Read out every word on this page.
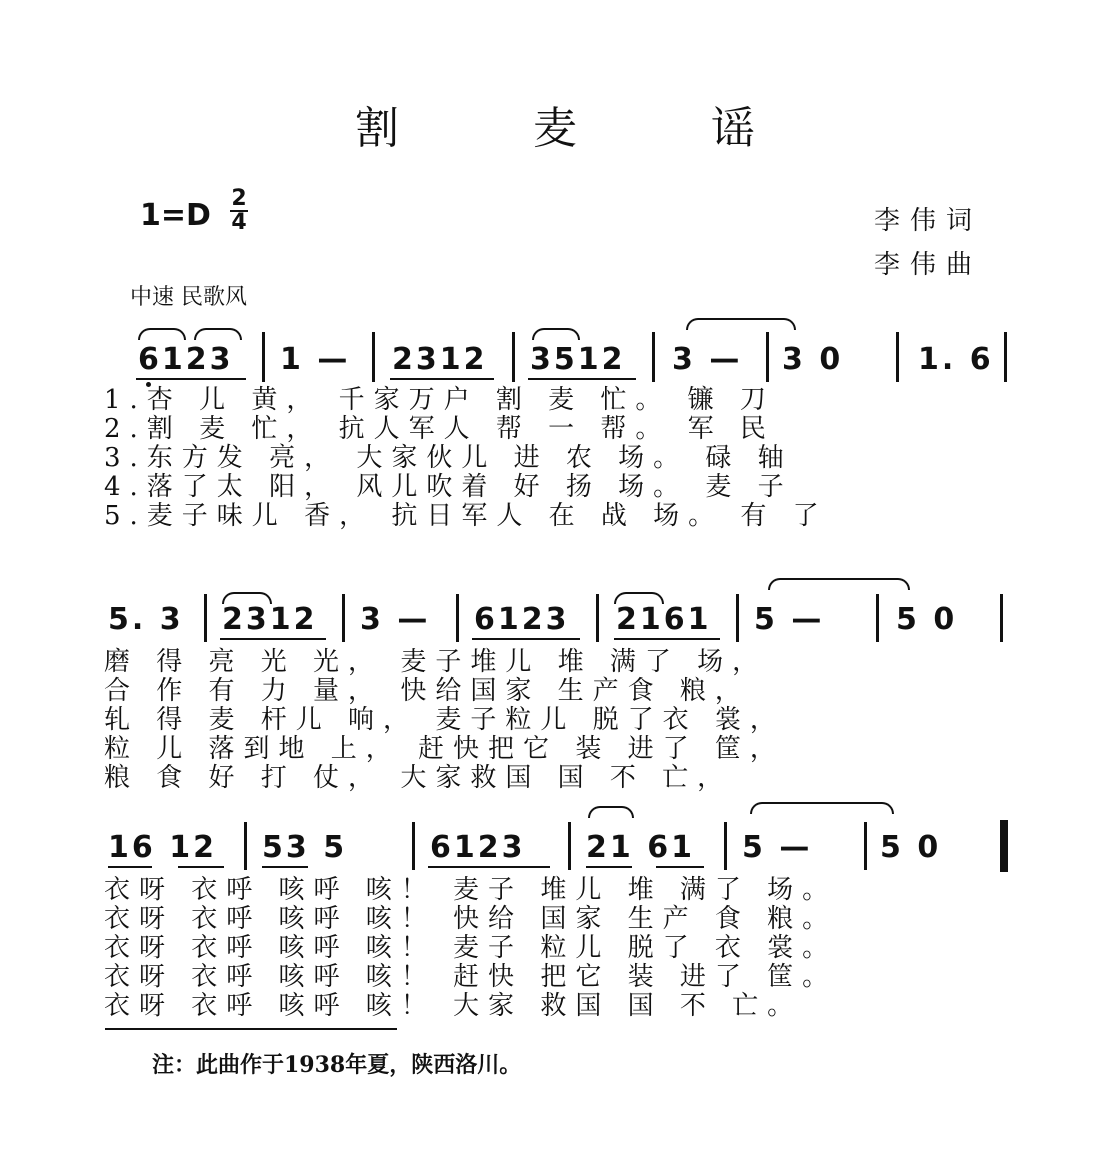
割 麦 谣
1=D 2
4	李伟词
李伟曲
中速 民歌风
6123 1 — 2312 3512 3 — 3 0 1. 6
1.杏 儿 黄， 千家万户 割 麦 忙。 镰 刀
2.割 麦 忙， 抗人军人 帮 一 帮。 军 民
3.东方发 亮， 大家伙儿 进 农 场。 碌 轴
4.落了太 阳， 风儿吹着 好 扬 场。 麦 子
5.麦子味儿 香， 抗日军人 在 战 场。 有 了
5. 3 2312 3 — 6123 2161 5 — 5 0
磨 得 亮 光 光， 麦子堆儿 堆 满了 场，
合 作 有 力 量， 快给国家 生产食 粮，
轧 得 麦 杆儿 响， 麦子粒儿 脱了衣 裳，
粒 儿 落到地 上， 赶快把它 装 进了 筐，
粮 食 好 打 仗， 大家救国 国 不 亡，
16 12 53 5	6123 21 61 5 — 5 0
衣呀 衣呼 咳呼 咳！ 麦子 堆儿 堆 满了 场。
衣呀 衣呼 咳呼 咳！ 快给 国家 生产 食 粮。
衣呀 衣呼 咳呼 咳！ 麦子 粒儿 脱了 衣 裳。
衣呀 衣呼 咳呼 咳！ 赶快 把它 装 进了 筐。
衣呀 衣呼 咳呼 咳！ 大家 救国 国 不 亡。
注：此曲作于1938年夏，陕西洛川。
